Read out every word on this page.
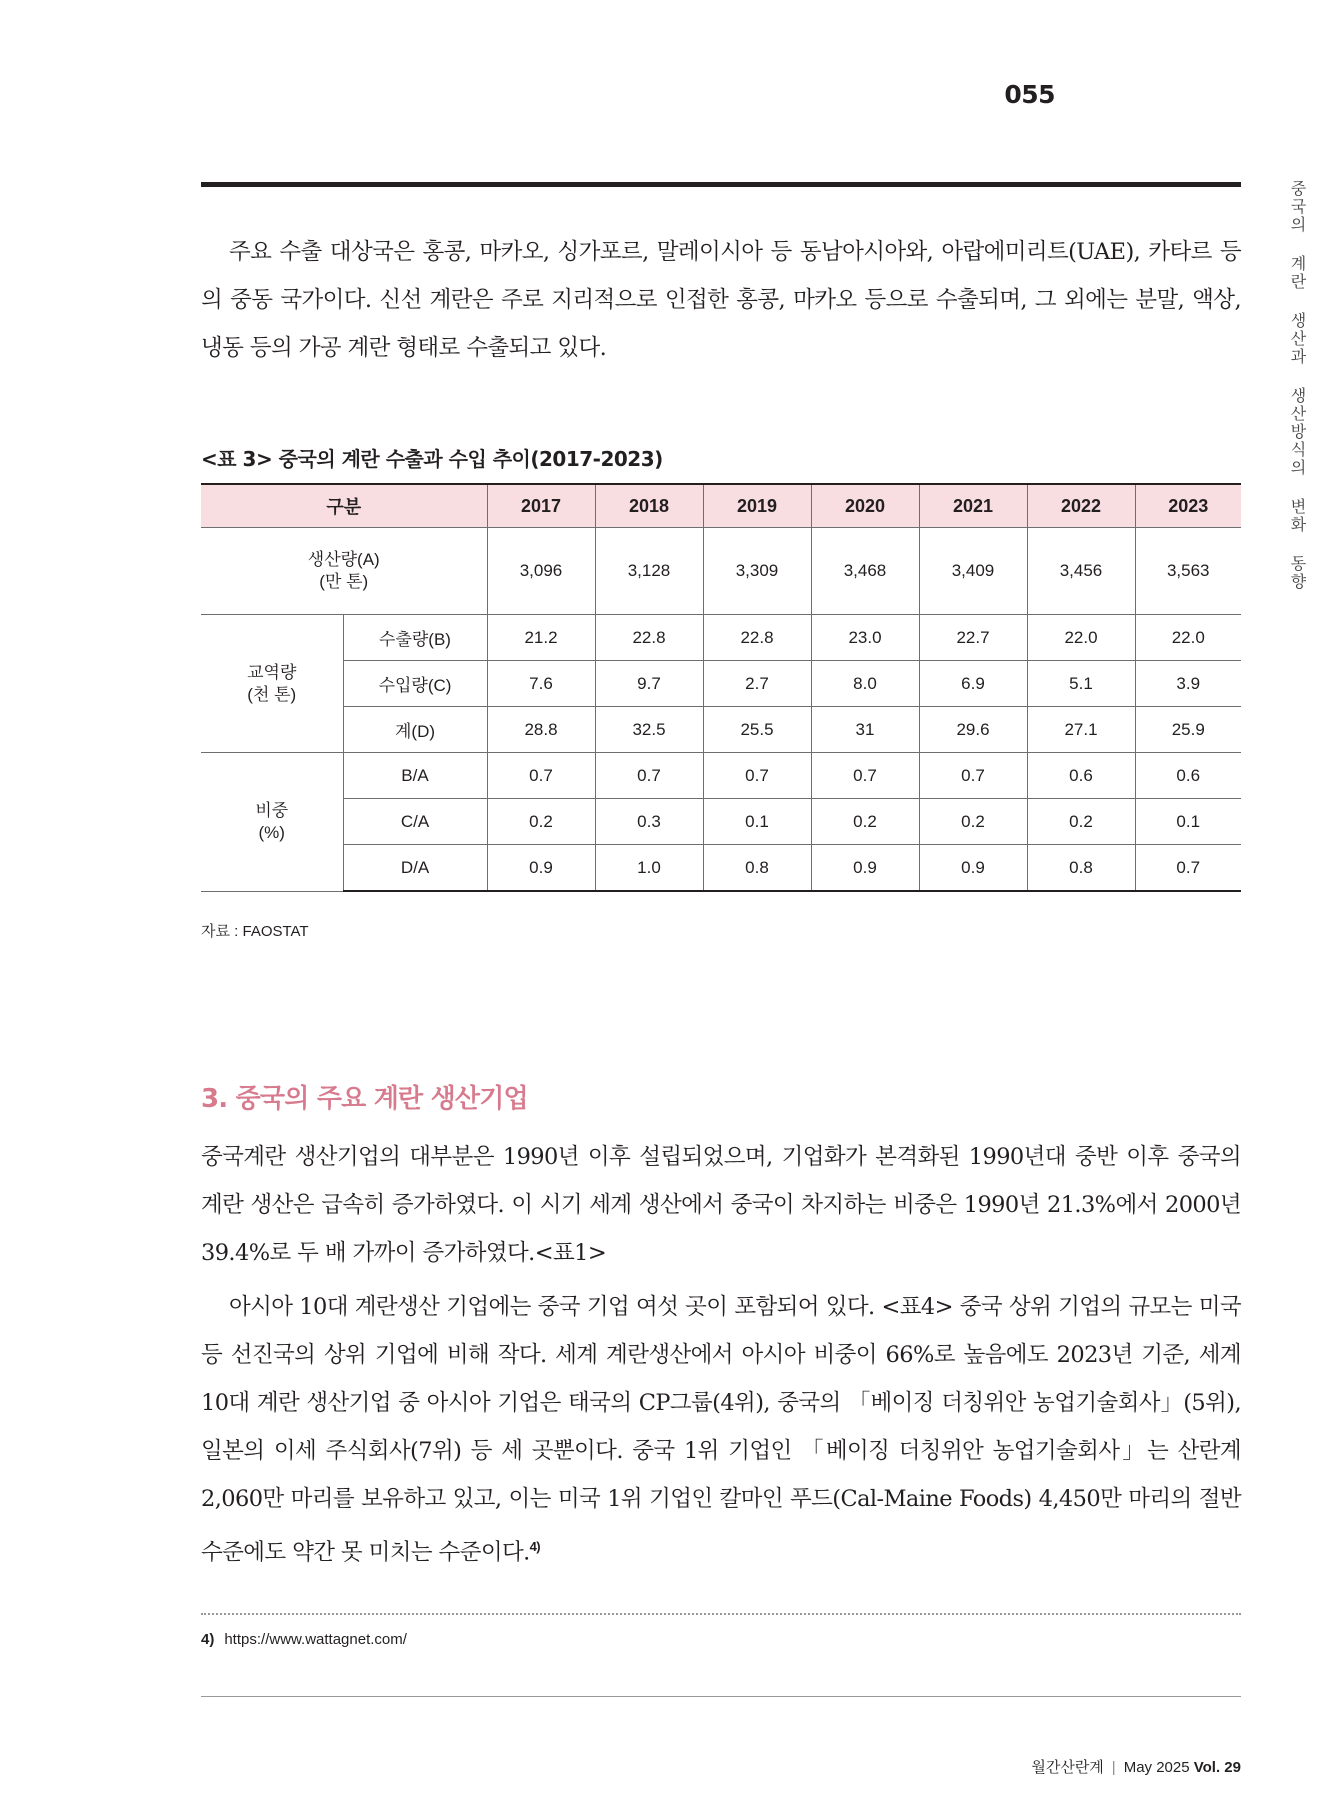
055
중국의 계란 생산과 생산방식의 변화 동향

주요 수출 대상국은 홍콩, 마카오, 싱가포르, 말레이시아 등 동남아시아와, 아랍에미리트(UAE), 카타르 등의 중동 국가이다. 신선 계란은 주로 지리적으로 인접한 홍콩, 마카오 등으로 수출되며, 그 외에는 분말, 액상, 냉동 등의 가공 계란 형태로 수출되고 있다.

<표 3> 중국의 계란 수출과 수입 추이(2017-2023)
구분		2017	2018	2019	2020	2021	2022	2023

생산량(A)
(만 톤)		3,096	3,128	3,309	3,468	3,409	3,456	3,563

교역량
(천 톤)	수출량(B)	21.2	22.8	22.8	23.0	22.7	22.0	22.0
	수입량(C)	7.6	9.7	2.7	8.0	6.9	5.1	3.9
	계(D)	28.8	32.5	25.5	31	29.6	27.1	25.9

비중
(%)	B/A	0.7	0.7	0.7	0.7	0.7	0.6	0.6
	C/A	0.2	0.3	0.1	0.2	0.2	0.2	0.1
	D/A	0.9	1.0	0.8	0.9	0.9	0.8	0.7
자료 : FAOSTAT
3. 중국의 주요 계란 생산기업

중국계란 생산기업의 대부분은 1990년 이후 설립되었으며, 기업화가 본격화된 1990년대 중반 이후 중국의 계란 생산은 급속히 증가하였다. 이 시기 세계 생산에서 중국이 차지하는 비중은 1990년 21.3%에서 2000년 39.4%로 두 배 가까이 증가하였다.<표1>

아시아 10대 계란생산 기업에는 중국 기업 여섯 곳이 포함되어 있다. <표4> 중국 상위 기업의 규모는 미국 등 선진국의 상위 기업에 비해 작다. 세계 계란생산에서 아시아 비중이 66%로 높음에도 2023년 기준, 세계 10대 계란 생산기업 중 아시아 기업은 태국의 CP그룹(4위), 중국의 「베이징 더칭위안 농업기술회사」(5위), 일본의 이세 주식회사(7위) 등 세 곳뿐이다. 중국 1위 기업인 「베이징 더칭위안 농업기술회사」는 산란계 2,060만 마리를 보유하고 있고, 이는 미국 1위 기업인 칼마인 푸드(Cal-Maine Foods) 4,450만 마리의 절반 수준에도 약간 못 미치는 수준이다.$^{4)}$

4) https://www.wattagnet.com/
월간산란계 | May 2025 Vol. 29
